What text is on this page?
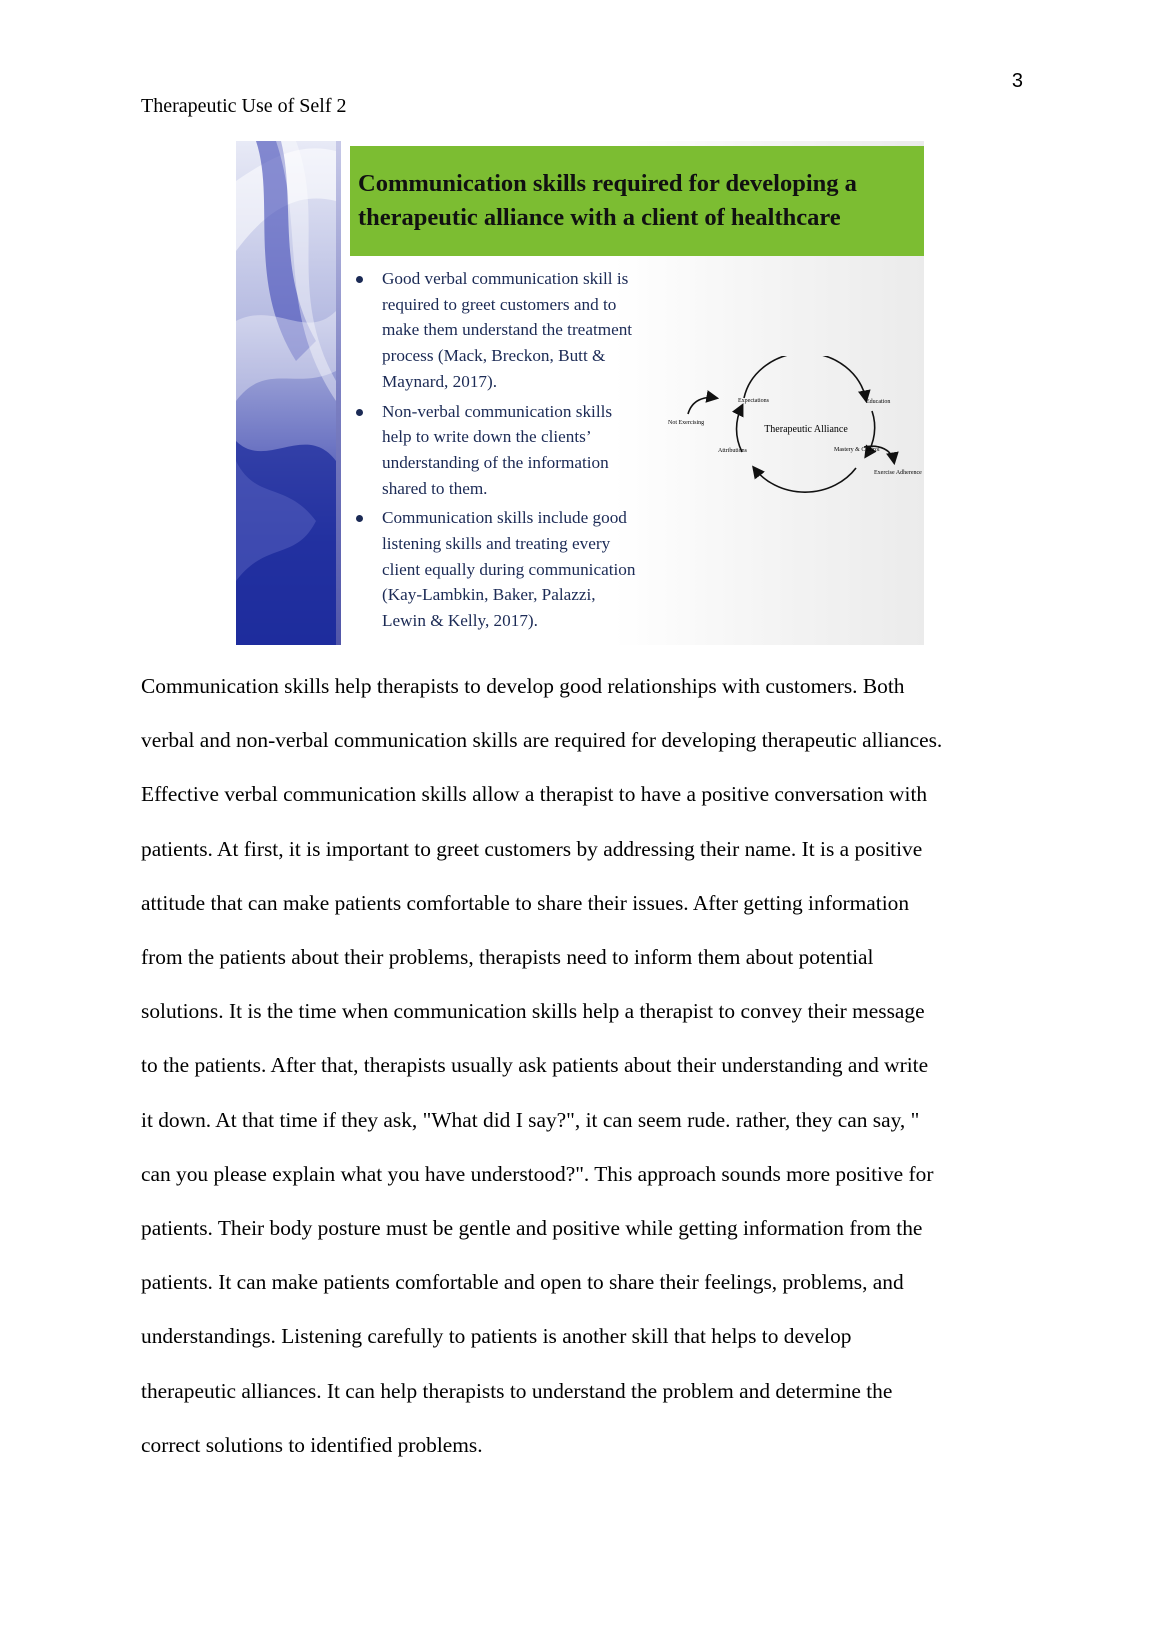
3
Therapeutic Use of Self 2
Communication skills required for developing a
therapeutic alliance with a client of healthcare
Good verbal communication skill is
required to greet customers and to
make them understand the treatment
process (Mack, Breckon, Butt &
Maynard, 2017).
Non-verbal communication skills
help to write down the clients’
understanding of the information
shared to them.
Communication skills include good
listening skills and treating every
client equally during communication
(Kay-Lambkin, Baker, Palazzi,
Lewin & Kelly, 2017).
Therapeutic Alliance
Expectations	Education
Not Exercising
Attributions	Mastery & Control
Exercise Adherence

Communication skills help therapists to develop good relationships with customers. Both

verbal and non-verbal communication skills are required for developing therapeutic alliances.

Effective verbal communication skills allow a therapist to have a positive conversation with

patients. At first, it is important to greet customers by addressing their name. It is a positive

attitude that can make patients comfortable to share their issues. After getting information

from the patients about their problems, therapists need to inform them about potential

solutions. It is the time when communication skills help a therapist to convey their message

to the patients. After that, therapists usually ask patients about their understanding and write

it down. At that time if they ask, "What did I say?", it can seem rude. rather, they can say, "

can you please explain what you have understood?". This approach sounds more positive for

patients. Their body posture must be gentle and positive while getting information from the

patients. It can make patients comfortable and open to share their feelings, problems, and

understandings. Listening carefully to patients is another skill that helps to develop

therapeutic alliances. It can help therapists to understand the problem and determine the

correct solutions to identified problems.
